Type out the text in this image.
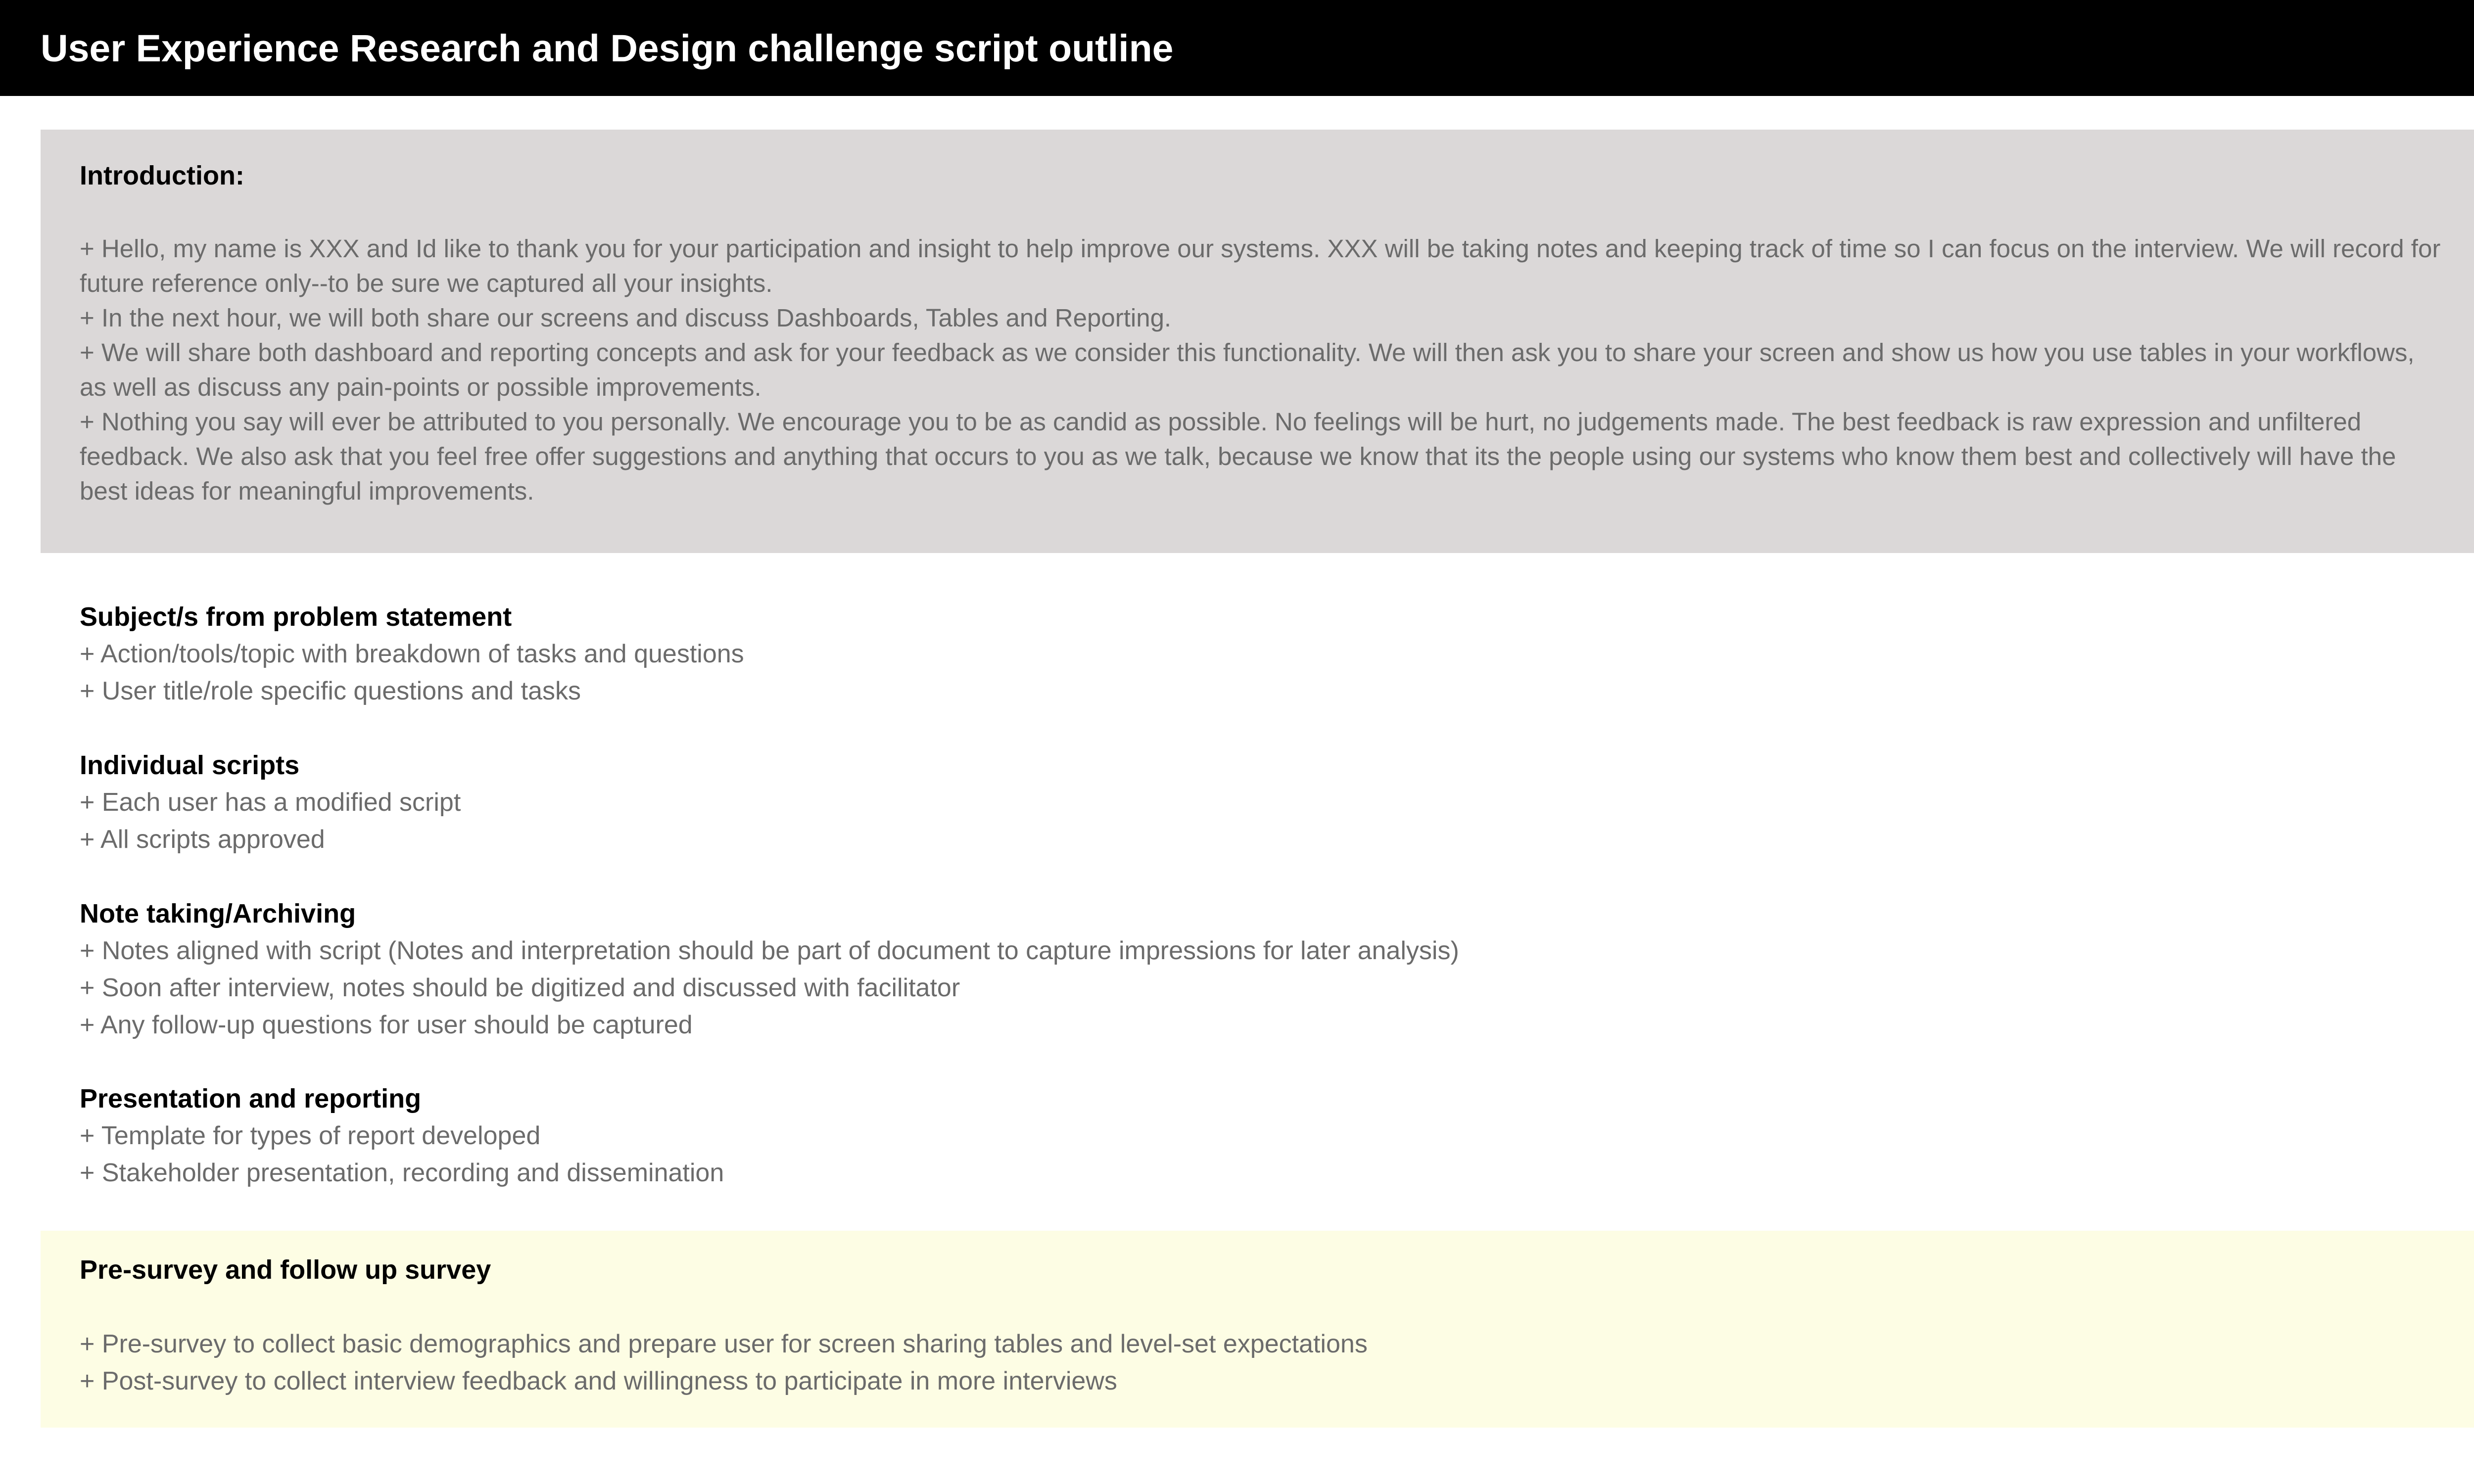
User Experience Research and Design challenge script outline

Introduction:

+ Hello, my name is XXX and Id like to thank you for your participation and insight to help improve our systems. XXX will be taking notes and keeping track of time so I can focus on the interview. We will record for future reference only--to be sure we captured all your insights.

+ In the next hour, we will both share our screens and discuss Dashboards, Tables and Reporting.

+ We will share both dashboard and reporting concepts and ask for your feedback as we consider this functionality. We will then ask you to share your screen and show us how you use tables in your workflows, as well as discuss any pain-points or possible improvements.

+ Nothing you say will ever be attributed to you personally. We encourage you to be as candid as possible. No feelings will be hurt, no judgements made. The best feedback is raw expression and unfiltered feedback. We also ask that you feel free offer suggestions and anything that occurs to you as we talk, because we know that its the people using our systems who know them best and collectively will have the best ideas for meaningful improvements.

Subject/s from problem statement

+ Action/tools/topic with breakdown of tasks and questions

+ User title/role specific questions and tasks

Individual scripts

+ Each user has a modified script

+ All scripts approved

Note taking/Archiving

+ Notes aligned with script (Notes and interpretation should be part of document to capture impressions for later analysis)

+ Soon after interview, notes should be digitized and discussed with facilitator

+ Any follow-up questions for user should be captured

Presentation and reporting

+ Template for types of report developed

+ Stakeholder presentation, recording and dissemination

Pre-survey and follow up survey

+ Pre-survey to collect basic demographics and prepare user for screen sharing tables and level-set expectations

+ Post-survey to collect interview feedback and willingness to participate in more interviews
